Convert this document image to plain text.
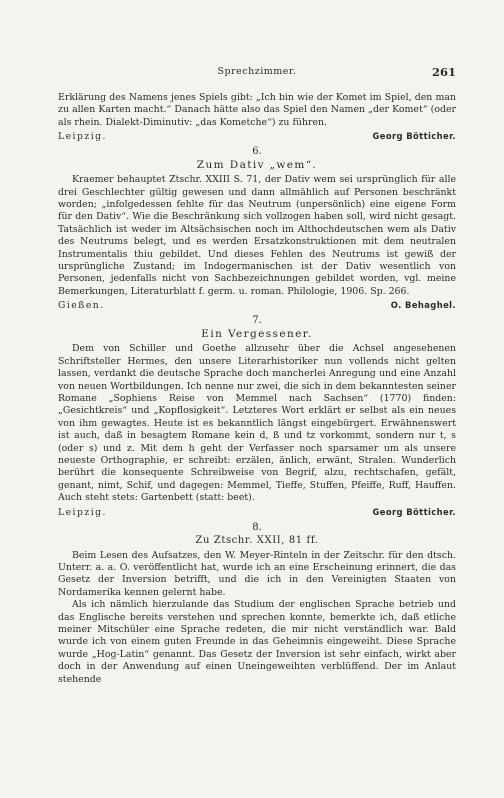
Sprechzimmer.	261

Erklärung des Namens jenes Spiels gibt: „Ich bin wie der Komet im Spiel, den man zu allen Karten macht.“ Danach hätte also das Spiel den Namen „der Komet“ (oder als rhein. Dialekt-Diminutiv: „das Kometche“) zu führen.

Leipzig.	Georg Bötticher.
6.
Zum Dativ „wem“.

Kraemer behauptet Ztschr. XXIII S. 71, der Dativ wem sei ursprünglich für alle drei Geschlechter gültig gewesen und dann allmählich auf Personen beschränkt worden; „infolgedessen fehlte für das Neutrum (unpersönlich) eine eigene Form für den Dativ“. Wie die Beschränkung sich vollzogen haben soll, wird nicht gesagt. Tatsächlich ist weder im Altsächsischen noch im Althochdeutschen wem als Dativ des Neutrums belegt, und es werden Ersatzkonstruktionen mit dem neutralen Instrumentalis thiu gebildet. Und dieses Fehlen des Neutrums ist gewiß der ursprüngliche Zustand; im Indogermanischen ist der Dativ wesentlich von Personen, jedenfalls nicht von Sachbezeichnungen gebildet worden, vgl. meine Bemerkungen, Literaturblatt f. germ. u. roman. Philologie, 1906. Sp. 266.

Gießen.	O. Behaghel.
7.
Ein Vergessener.

Dem von Schiller und Goethe allzusehr über die Achsel angesehenen Schriftsteller Hermes, den unsere Literarhistoriker nun vollends nicht gelten lassen, verdankt die deutsche Sprache doch mancherlei Anregung und eine Anzahl von neuen Wortbildungen. Ich nenne nur zwei, die sich in dem bekanntesten seiner Romane „Sophiens Reise von Memmel nach Sachsen“ (1770) finden: „Gesichtkreis“ und „Kopflosigkeit“. Letzteres Wort erklärt er selbst als ein neues von ihm gewagtes. Heute ist es bekanntlich längst eingebürgert. Erwähnenswert ist auch, daß in besagtem Romane kein d, ß und tz vorkommt, sondern nur t, s (oder s) und z. Mit dem h geht der Verfasser noch sparsamer um als unsere neueste Orthographie, er schreibt: erzälen, änlich, erwänt, Stralen. Wunderlich berührt die konsequente Schreibweise von Begrif, alzu, rechtschafen, gefält, genant, nimt, Schif, und dagegen: Memmel, Tieffe, Stuffen, Pfeiffe, Ruff, Hauffen. Auch steht stets: Gartenbett (statt: beet).

Leipzig.	Georg Bötticher.
8.
Zu Ztschr. XXII, 81 ff.

Beim Lesen des Aufsatzes, den W. Meyer-Rinteln in der Zeitschr. für den dtsch. Unterr. a. a. O. veröffentlicht hat, wurde ich an eine Erscheinung erinnert, die das Gesetz der Inversion betrifft, und die ich in den Vereinigten Staaten von Nordamerika kennen gelernt habe.

Als ich nämlich hierzulande das Studium der englischen Sprache betrieb und das Englische bereits verstehen und sprechen konnte, bemerkte ich, daß etliche meiner Mitschüler eine Sprache redeten, die mir nicht verständlich war. Bald wurde ich von einem guten Freunde in das Geheimnis eingeweiht. Diese Sprache wurde „Hog-Latin“ genannt. Das Gesetz der Inversion ist sehr einfach, wirkt aber doch in der Anwendung auf einen Uneingeweihten verblüffend. Der im Anlaut stehende
